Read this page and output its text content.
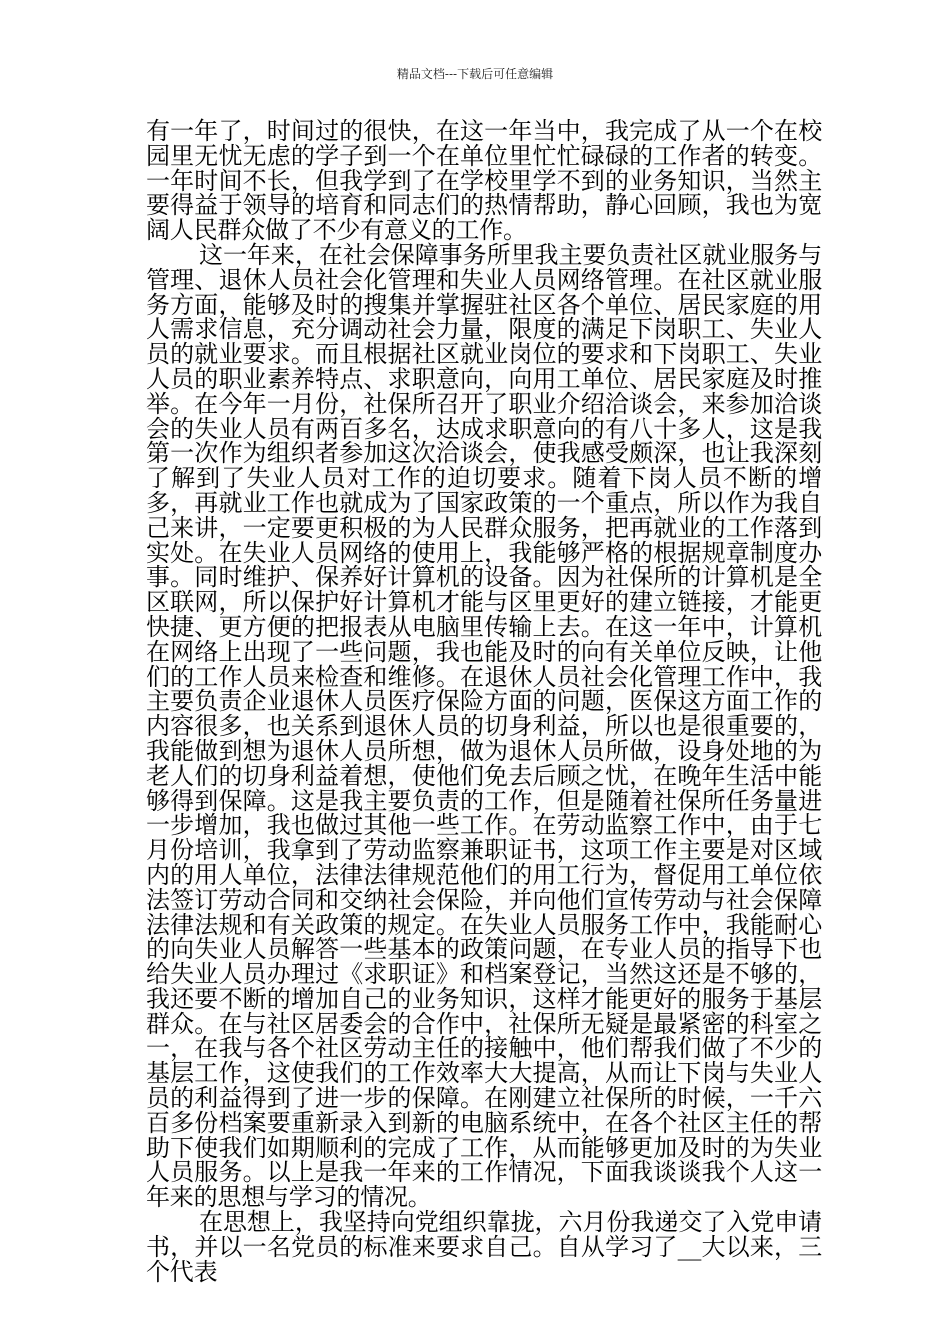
精品文档---下载后可任意编辑

有一年了，时间过的很快，在这一年当中，我完成了从一个在校园里无忧无虑的学子到一个在单位里忙忙碌碌的工作者的转变。一年时间不长，但我学到了在学校里学不到的业务知识，当然主要得益于领导的培育和同志们的热情帮助，静心回顾，我也为宽阔人民群众做了不少有意义的工作。

这一年来，在社会保障事务所里我主要负责社区就业服务与管理、退休人员社会化管理和失业人员网络管理。在社区就业服务方面，能够及时的搜集并掌握驻社区各个单位、居民家庭的用人需求信息，充分调动社会力量，限度的满足下岗职工、失业人员的就业要求。而且根据社区就业岗位的要求和下岗职工、失业人员的职业素养特点、求职意向，向用工单位、居民家庭及时推举。在今年一月份，社保所召开了职业介绍洽谈会，来参加洽谈会的失业人员有两百多名，达成求职意向的有八十多人，这是我第一次作为组织者参加这次洽谈会，使我感受颇深，也让我深刻了解到了失业人员对工作的迫切要求。随着下岗人员不断的增多，再就业工作也就成为了国家政策的一个重点，所以作为我自己来讲，一定要更积极的为人民群众服务，把再就业的工作落到实处。在失业人员网络的使用上，我能够严格的根据规章制度办事。同时维护、保养好计算机的设备。因为社保所的计算机是全区联网，所以保护好计算机才能与区里更好的建立链接，才能更快捷、更方便的把报表从电脑里传输上去。在这一年中，计算机在网络上出现了一些问题，我也能及时的向有关单位反映，让他们的工作人员来检查和维修。在退休人员社会化管理工作中，我主要负责企业退休人员医疗保险方面的问题，医保这方面工作的内容很多，也关系到退休人员的切身利益，所以也是很重要的，我能做到想为退休人员所想，做为退休人员所做，设身处地的为老人们的切身利益着想，使他们免去后顾之忧，在晚年生活中能够得到保障。这是我主要负责的工作，但是随着社保所任务量进一步增加，我也做过其他一些工作。在劳动监察工作中，由于七月份培训，我拿到了劳动监察兼职证书，这项工作主要是对区域内的用人单位，法律法律规范他们的用工行为，督促用工单位依法签订劳动合同和交纳社会保险，并向他们宣传劳动与社会保障法律法规和有关政策的规定。在失业人员服务工作中，我能耐心的向失业人员解答一些基本的政策问题，在专业人员的指导下也给失业人员办理过《求职证》和档案登记，当然这还是不够的，我还要不断的增加自己的业务知识，这样才能更好的服务于基层群众。在与社区居委会的合作中，社保所无疑是最紧密的科室之一，在我与各个社区劳动主任的接触中，他们帮我们做了不少的基层工作，这使我们的工作效率大大提高，从而让下岗与失业人员的利益得到了进一步的保障。在刚建立社保所的时候，一千六百多份档案要重新录入到新的电脑系统中，在各个社区主任的帮助下使我们如期顺利的完成了工作，从而能够更加及时的为失业人员服务。以上是我一年来的工作情况，下面我谈谈我个人这一年来的思想与学习的情况。

在思想上，我坚持向党组织靠拢，六月份我递交了入党申请书，并以一名党员的标准来要求自己。自从学习了__大以来，三个代表
